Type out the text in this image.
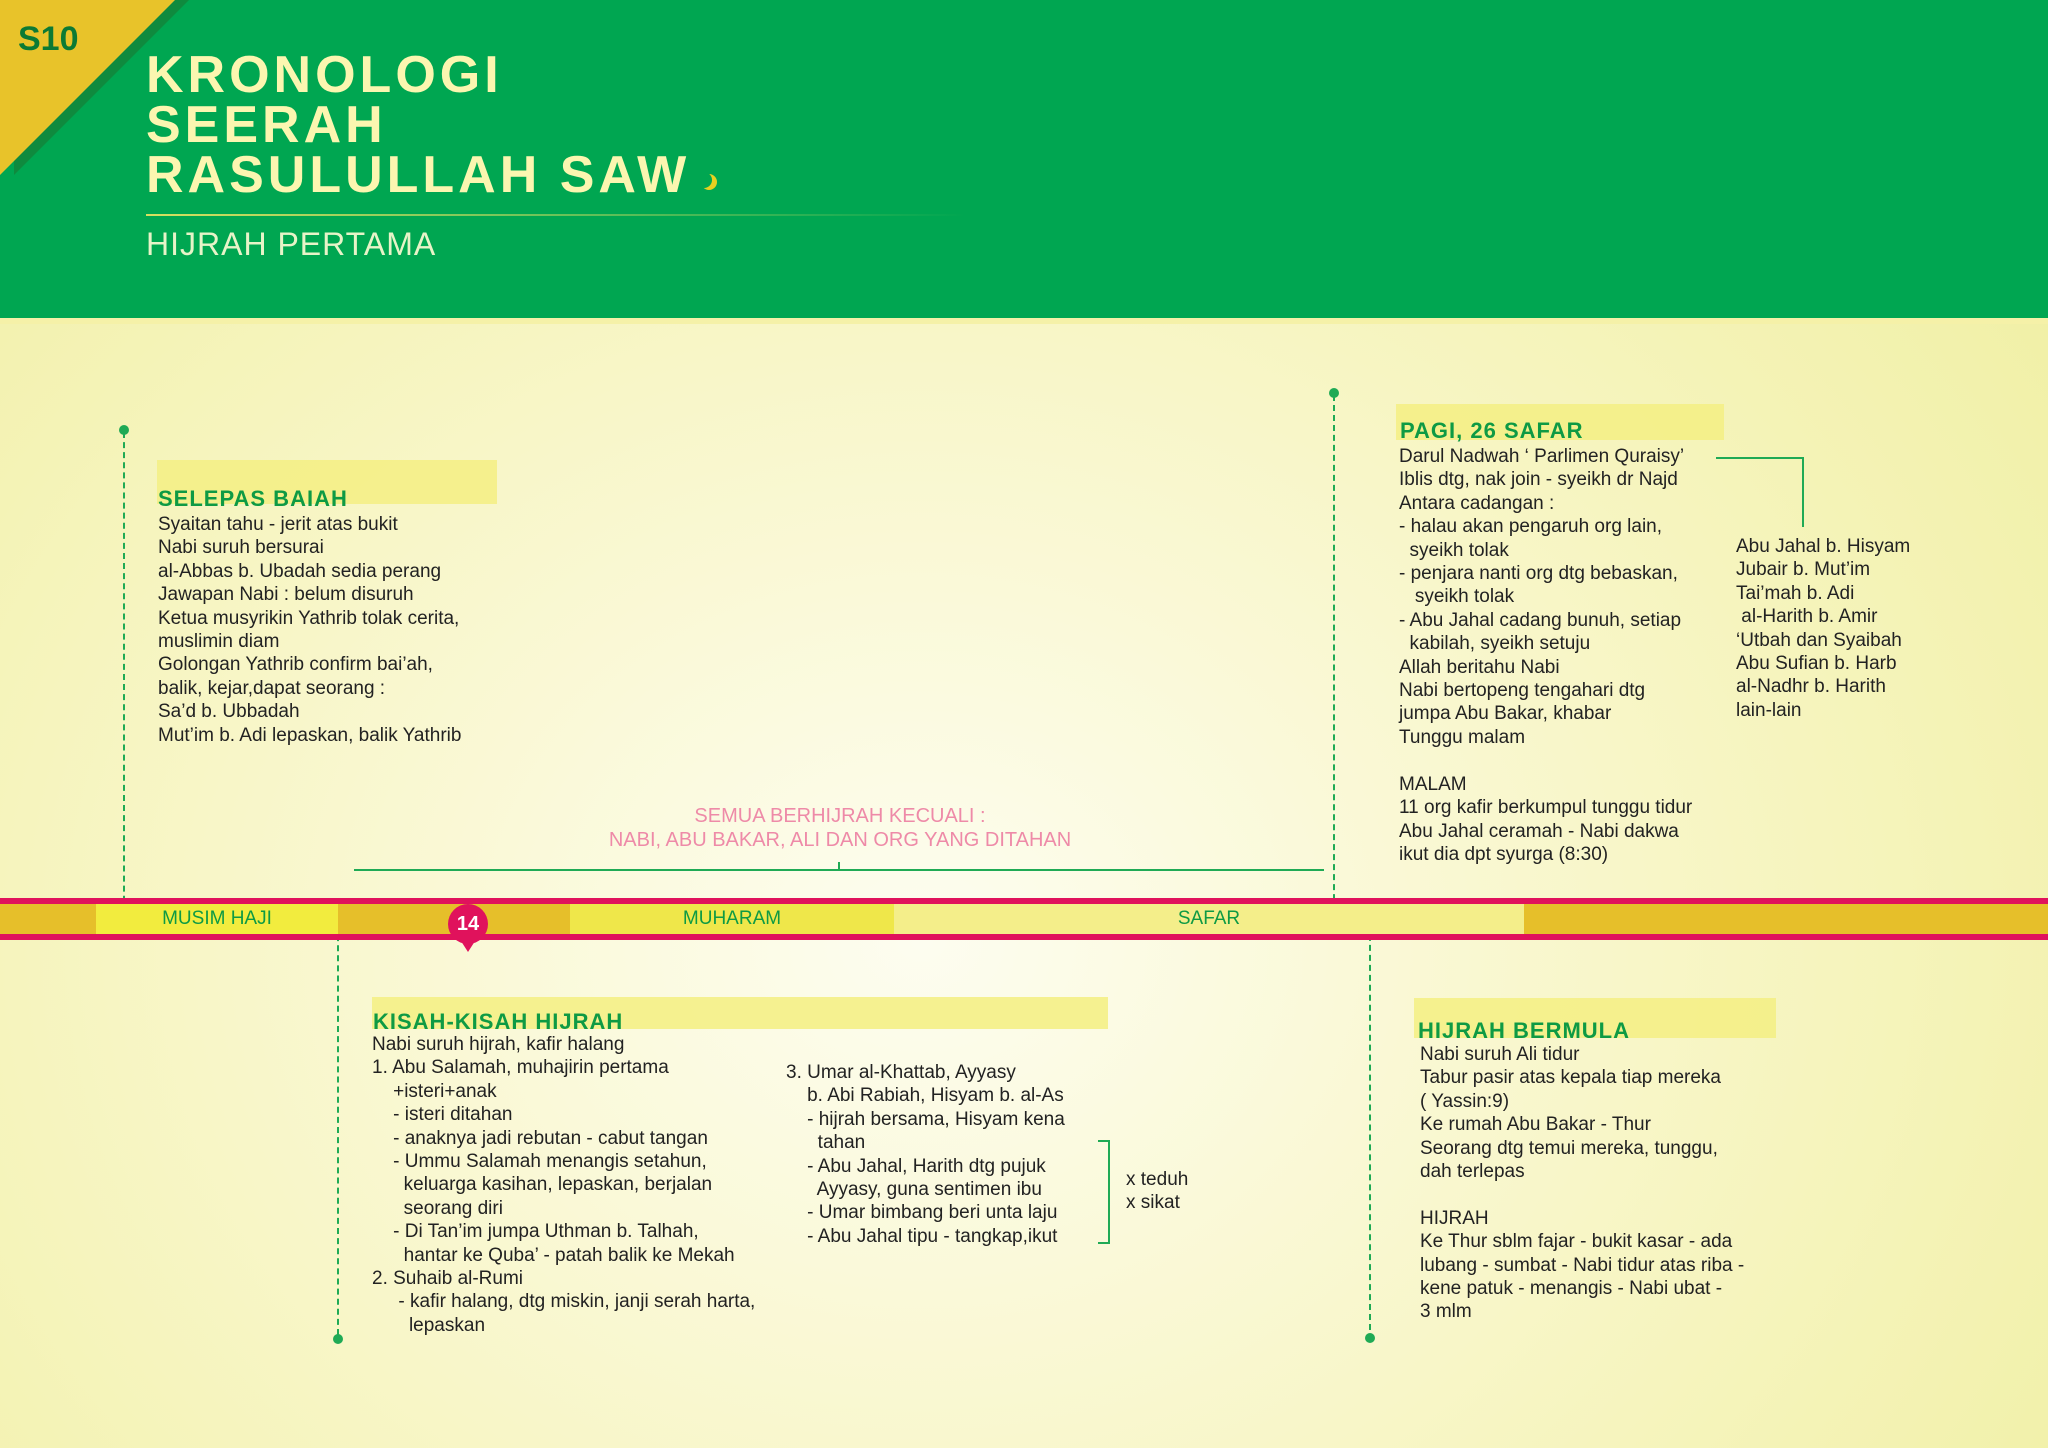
S10
KRONOLOGI
SEERAH
RASULULLAH SAW
HIJRAH PERTAMA
SEMUA BERHIJRAH KECUALI :
NABI, ABU BAKAR, ALI DAN ORG YANG DITAHAN
MUSIM HAJI	MUHARAM	SAFAR
14
SELEPAS BAIAH
Syaitan tahu - jerit atas bukit
Nabi suruh bersurai
al-Abbas b. Ubadah sedia perang
Jawapan Nabi : belum disuruh
Ketua musyrikin Yathrib tolak cerita,
muslimin diam
Golongan Yathrib confirm bai’ah,
balik, kejar,dapat seorang :
Sa’d b. Ubbadah
Mut’im b. Adi lepaskan, balik Yathrib
PAGI, 26 SAFAR
Darul Nadwah ‘ Parlimen Quraisy’
Iblis dtg, nak join - syeikh dr Najd
Antara cadangan :
- halau akan pengaruh org lain,
syeikh tolak
- penjara nanti org dtg bebaskan,
syeikh tolak
- Abu Jahal cadang bunuh, setiap
kabilah, syeikh setuju
Allah beritahu Nabi
Nabi bertopeng tengahari dtg
jumpa Abu Bakar, khabar
Tunggu malam

MALAM
11 org kafir berkumpul tunggu tidur
Abu Jahal ceramah - Nabi dakwa
ikut dia dpt syurga (8:30)
Abu Jahal b. Hisyam
Jubair b. Mut’im
Tai’mah b. Adi
al-Harith b. Amir
‘Utbah dan Syaibah
Abu Sufian b. Harb
al-Nadhr b. Harith
lain-lain
KISAH-KISAH HIJRAH
Nabi suruh hijrah, kafir halang
1. Abu Salamah, muhajirin pertama
+isteri+anak
- isteri ditahan
- anaknya jadi rebutan - cabut tangan
- Ummu Salamah menangis setahun,
keluarga kasihan, lepaskan, berjalan
seorang diri
- Di Tan’im jumpa Uthman b. Talhah,
hantar ke Quba’ - patah balik ke Mekah
2. Suhaib al-Rumi
- kafir halang, dtg miskin, janji serah harta,
lepaskan
3. Umar al-Khattab, Ayyasy
b. Abi Rabiah, Hisyam b. al-As
- hijrah bersama, Hisyam kena
tahan
- Abu Jahal, Harith dtg pujuk
Ayyasy, guna sentimen ibu
- Umar bimbang beri unta laju
- Abu Jahal tipu - tangkap,ikut
x teduh
x sikat
HIJRAH BERMULA
Nabi suruh Ali tidur
Tabur pasir atas kepala tiap mereka
( Yassin:9)
Ke rumah Abu Bakar - Thur
Seorang dtg temui mereka, tunggu,
dah terlepas

HIJRAH
Ke Thur sblm fajar - bukit kasar - ada
lubang - sumbat - Nabi tidur atas riba -
kene patuk - menangis - Nabi ubat -
3 mlm
